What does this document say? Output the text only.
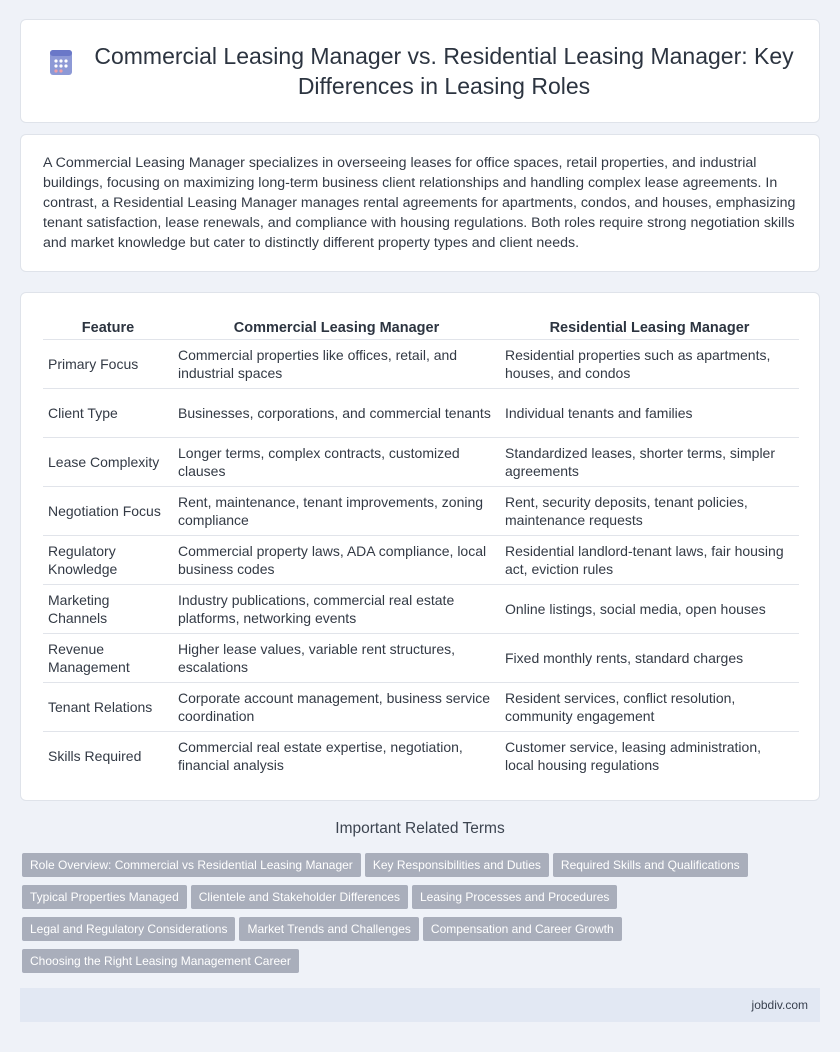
Commercial Leasing Manager vs. Residential Leasing Manager: Key Differences in Leasing Roles

A Commercial Leasing Manager specializes in overseeing leases for office spaces, retail properties, and industrial buildings, focusing on maximizing long-term business client relationships and handling complex lease agreements. In contrast, a Residential Leasing Manager manages rental agreements for apartments, condos, and houses, emphasizing tenant satisfaction, lease renewals, and compliance with housing regulations. Both roles require strong negotiation skills and market knowledge but cater to distinctly different property types and client needs.

Feature	Commercial Leasing Manager	Residential Leasing Manager
Primary Focus	Commercial properties like offices, retail, and industrial spaces	Residential properties such as apartments, houses, and condos
Client Type	Businesses, corporations, and commercial tenants	Individual tenants and families
Lease Complexity	Longer terms, complex contracts, customized clauses	Standardized leases, shorter terms, simpler agreements
Negotiation Focus	Rent, maintenance, tenant improvements, zoning compliance	Rent, security deposits, tenant policies, maintenance requests
Regulatory Knowledge	Commercial property laws, ADA compliance, local business codes	Residential landlord-tenant laws, fair housing act, eviction rules
Marketing Channels	Industry publications, commercial real estate platforms, networking events	Online listings, social media, open houses
Revenue Management	Higher lease values, variable rent structures, escalations	Fixed monthly rents, standard charges
Tenant Relations	Corporate account management, business service coordination	Resident services, conflict resolution, community engagement
Skills Required	Commercial real estate expertise, negotiation, financial analysis	Customer service, leasing administration, local housing regulations
Important Related Terms
Role Overview: Commercial vs Residential Leasing Manager Key Responsibilities and Duties Required Skills and Qualifications
Typical Properties Managed Clientele and Stakeholder Differences Leasing Processes and Procedures
Legal and Regulatory Considerations Market Trends and Challenges Compensation and Career Growth
Choosing the Right Leasing Management Career
jobdiv.com
